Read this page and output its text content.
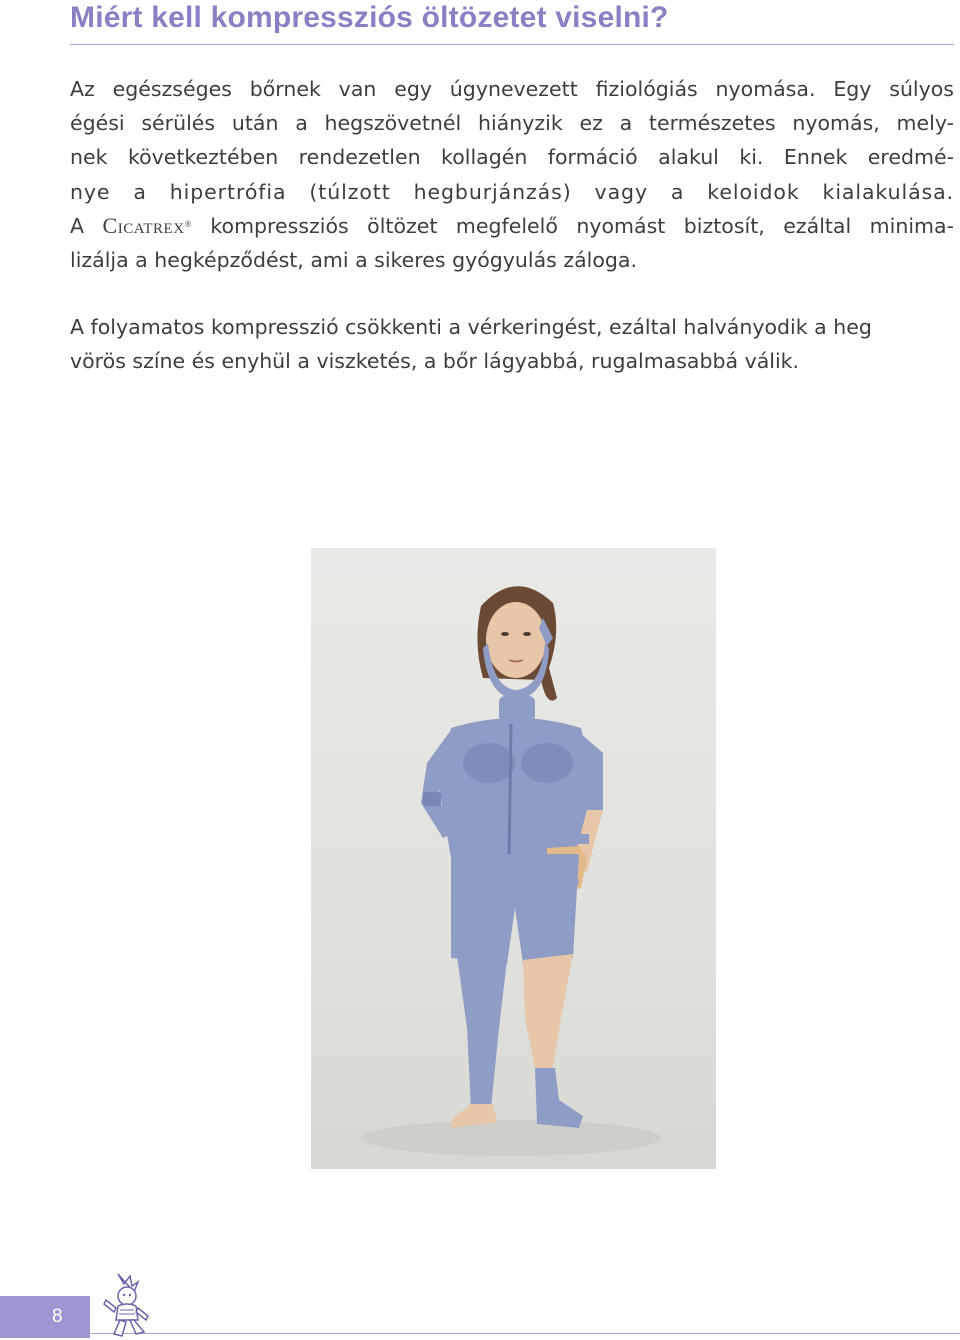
Miért kell kompressziós öltözetet viselni?
Az egészséges bőrnek van egy úgynevezett fiziológiás nyomása. Egy súlyos
égési sérülés után a hegszövetnél hiányzik ez a természetes nyomás, mely-
nek következtében rendezetlen kollagén formáció alakul ki. Ennek eredmé-
nye a hipertrófia (túlzott hegburjánzás) vagy a keloidok kialakulása.
A Cicatrex® kompressziós öltözet megfelelő nyomást biztosít, ezáltal minima-
lizálja a hegképződést, ami a sikeres gyógyulás záloga.
A folyamatos kompresszió csökkenti a vérkeringést, ezáltal halványodik a heg
vörös színe és enyhül a viszketés, a bőr lágyabbá, rugalmasabbá válik.
8
